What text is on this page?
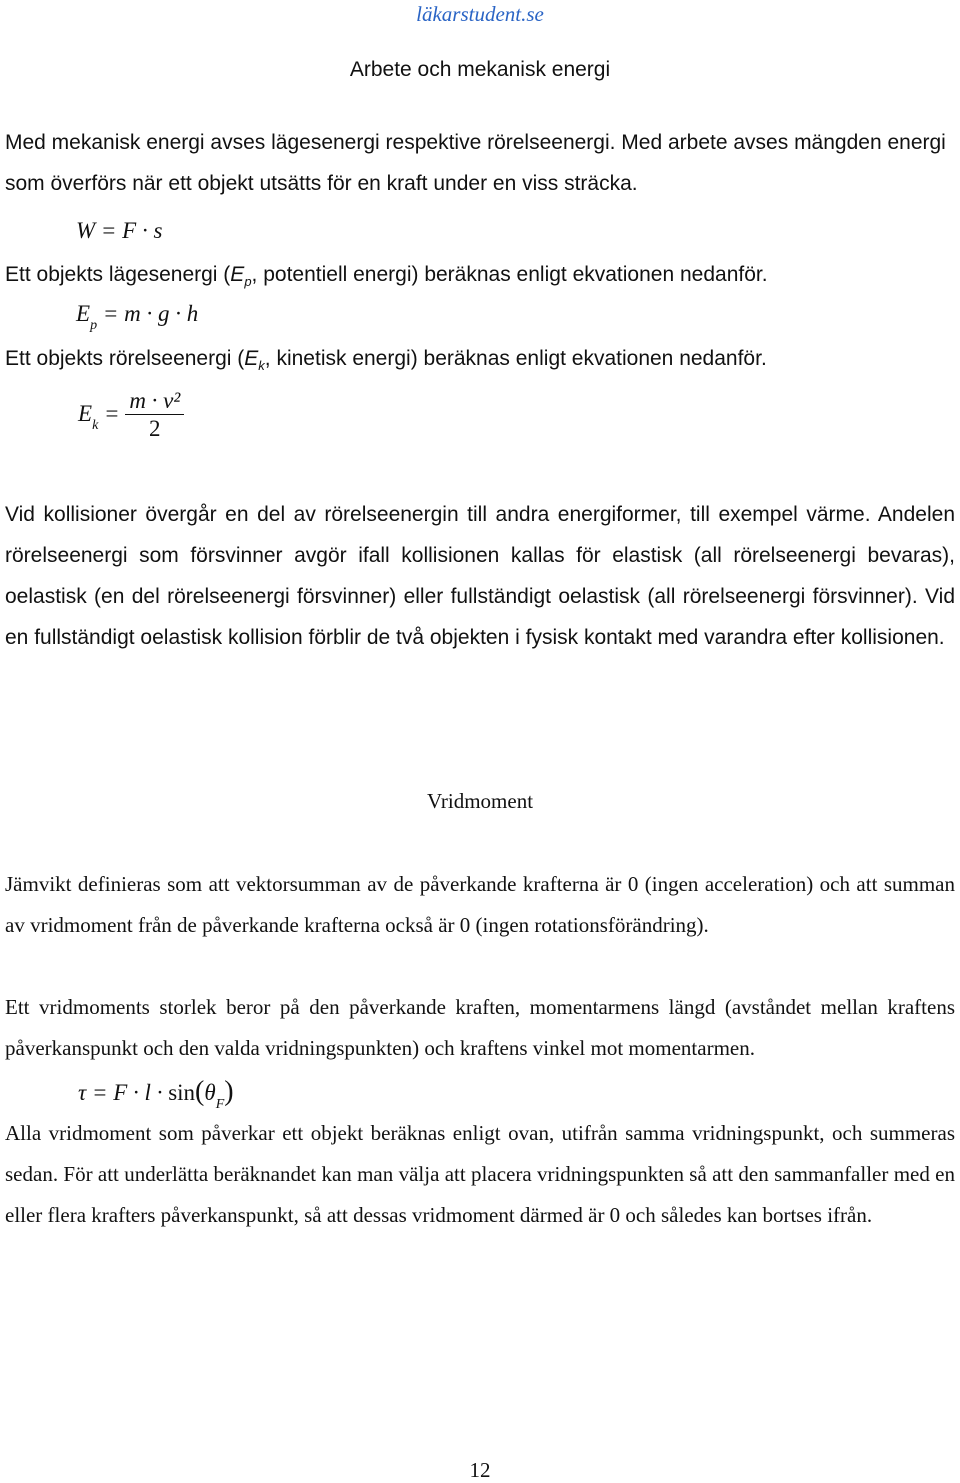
läkarstudent.se
Arbete och mekanisk energi
Med mekanisk energi avses lägesenergi respektive rörelseenergi. Med arbete avses mängden energi som överförs när ett objekt utsätts för en kraft under en viss sträcka.
W = F · s
Ett objekts lägesenergi ($E_p$, potentiell energi) beräknas enligt ekvationen nedanför.
$E_p = m \cdot g \cdot h$
Ett objekts rörelseenergi ($E_k$, kinetisk energi) beräknas enligt ekvationen nedanför.
$E_k = \frac{\text{m · v²}}{2}$
Vid kollisioner övergår en del av rörelseenergin till andra energiformer, till exempel värme. Andelen rörelseenergi som försvinner avgör ifall kollisionen kallas för elastisk (all rörelseenergi bevaras), oelastisk (en del rörelseenergi försvinner) eller fullständigt oelastisk (all rörelseenergi försvinner). Vid en fullständigt oelastisk kollision förblir de två objekten i fysisk kontakt med varandra efter kollisionen.
Vridmoment
Jämvikt definieras som att vektorsumman av de påverkande krafterna är 0 (ingen acceleration) och att summan av vridmoment från de påverkande krafterna också är 0 (ingen rotationsförändring).
Ett vridmoments storlek beror på den påverkande kraften, momentarmens längd (avståndet mellan kraftens påverkanspunkt och den valda vridningspunkten) och kraftens vinkel mot momentarmen.
$\tau = F \cdot l \cdot \sin(\theta_F)$
Alla vridmoment som påverkar ett objekt beräknas enligt ovan, utifrån samma vridningspunkt, och summeras sedan. För att underlätta beräknandet kan man välja att placera vridningspunkten så att den sammanfaller med en eller flera krafters påverkanspunkt, så att dessas vridmoment därmed är 0 och således kan bortses ifrån.
12
